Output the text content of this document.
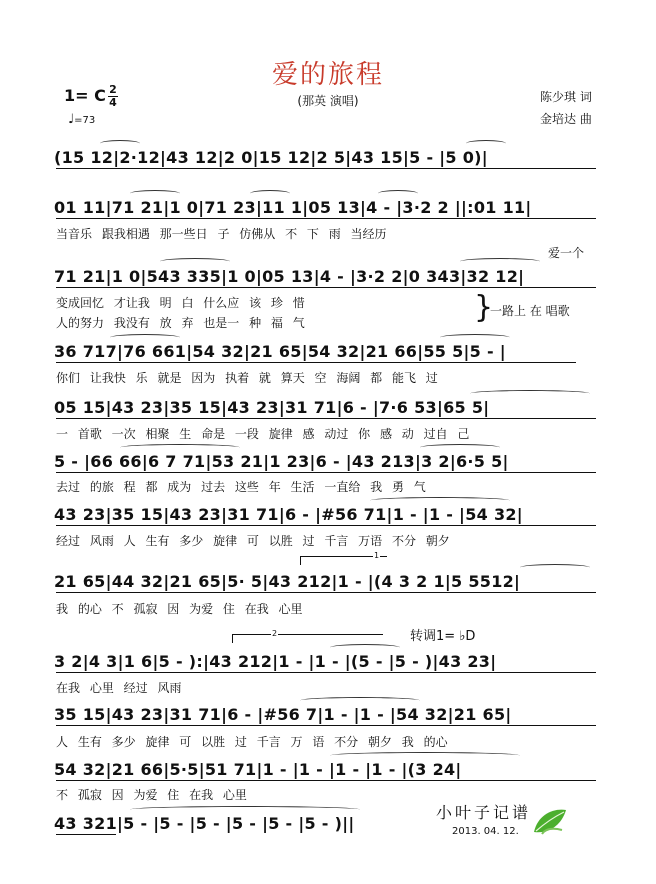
爱的旅程
(那英 演唱)
1= C 2
4
♩=73
陈少琪 词
金培达 曲
(15 12|2·12|43 12|2 0|15 12|2 5|43 15|5 - |5 0)|
01 11|71 21|1 0|71 23|11 1|05 13|4 - |3·2 2 ||:01 11|
当音乐 跟我相遇 那一些日 子 仿佛从 不 下 雨 当经历
爱一个
71 21|1 0|543 335|1 0|05 13|4 - |3·2 2|0 343|32 12|
变成回忆 才让我 明 白 什么应 该 珍 惜
人的努力 我没有 放 弃 也是一 种 福 气	}
一路上 在 唱歌
36 717|76 661|54 32|21 65|54 32|21 66|55 5|5 - |
你们 让我快 乐 就是 因为 执着 就 算天 空 海阔 都 能飞 过
05 15|43 23|35 15|43 23|31 71|6 - |7·6 53|65 5|
一 首歌 一次 相聚 生 命是 一段 旋律 感 动过 你 感 动 过自 己
5 - |66 66|6 7 71|53 21|1 23|6 - |43 213|3 2|6·5 5|
去过 的旅 程 都 成为 过去 这些 年 生活 一直给 我 勇 气
43 23|35 15|43 23|31 71|6 - |#56 71|1 - |1 - |54 32|
经过 风雨 人 生有 多少 旋律 可 以胜 过 千言 万语 不分 朝夕
1
21 65|44 32|21 65|5· 5|43 212|1 - |(4 3 2 1|5 5512|
我 的心 不 孤寂 因 为爱 住 在我 心里
2	转调1= ♭D
3 2|4 3|1 6|5 - ):|43 212|1 - |1 - |(5 - |5 - )|43 23|
在我 心里 经过 风雨
35 15|43 23|31 71|6 - |#56 7|1 - |1 - |54 32|21 65|
人 生有 多少 旋律 可 以胜 过 千言 万 语 不分 朝夕 我 的心
54 32|21 66|5·5|51 71|1 - |1 - |1 - |1 - |(3 24|
不 孤寂 因 为爱 住 在我 心里
43 321|5 - |5 - |5 - |5 - |5 - |5 - )||
小叶子记谱
2013. 04. 12.
